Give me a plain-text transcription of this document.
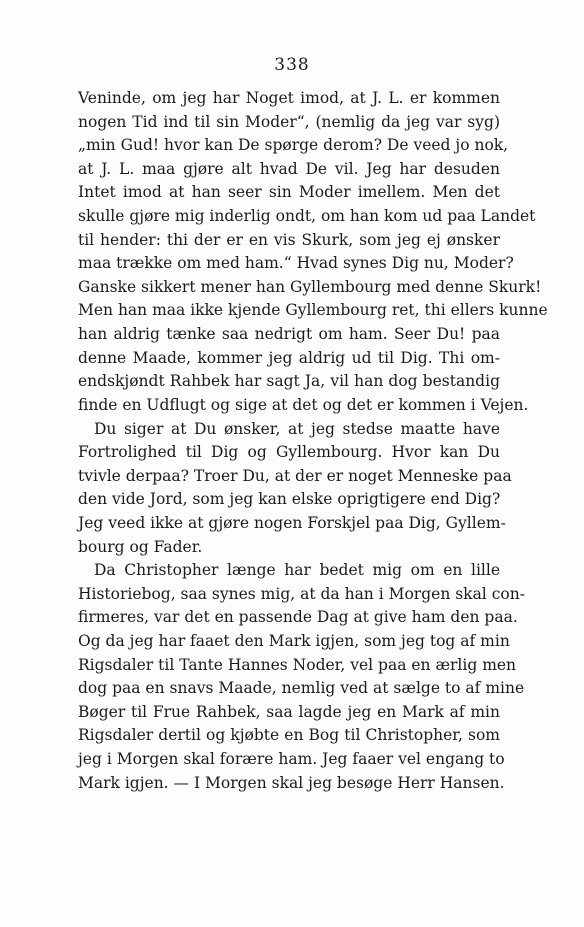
338
Veninde, om jeg har Noget imod, at J. L. er kommen
nogen Tid ind til sin Moder“, (nemlig da jeg var syg)
„min Gud! hvor kan De spørge derom? De veed jo nok,
at J. L. maa gjøre alt hvad De vil. Jeg har desuden
Intet imod at han seer sin Moder imellem. Men det
skulle gjøre mig inderlig ondt, om han kom ud paa Landet
til hender: thi der er en vis Skurk, som jeg ej ønsker
maa trække om med ham.“ Hvad synes Dig nu, Moder?
Ganske sikkert mener han Gyllembourg med denne Skurk!
Men han maa ikke kjende Gyllembourg ret, thi ellers kunne
han aldrig tænke saa nedrigt om ham. Seer Du! paa
denne Maade, kommer jeg aldrig ud til Dig. Thi om-
endskjøndt Rahbek har sagt Ja, vil han dog bestandig
finde en Udflugt og sige at det og det er kommen i Vejen.
Du siger at Du ønsker, at jeg stedse maatte have
Fortrolighed til Dig og Gyllembourg. Hvor kan Du
tvivle derpaa? Troer Du, at der er noget Menneske paa
den vide Jord, som jeg kan elske oprigtigere end Dig?
Jeg veed ikke at gjøre nogen Forskjel paa Dig, Gyllem-
bourg og Fader.
Da Christopher længe har bedet mig om en lille
Historiebog, saa synes mig, at da han i Morgen skal con-
firmeres, var det en passende Dag at give ham den paa.
Og da jeg har faaet den Mark igjen, som jeg tog af min
Rigsdaler til Tante Hannes Noder, vel paa en ærlig men
dog paa en snavs Maade, nemlig ved at sælge to af mine
Bøger til Frue Rahbek, saa lagde jeg en Mark af min
Rigsdaler dertil og kjøbte en Bog til Christopher, som
jeg i Morgen skal forære ham. Jeg faaer vel engang to
Mark igjen. — I Morgen skal jeg besøge Herr Hansen.
